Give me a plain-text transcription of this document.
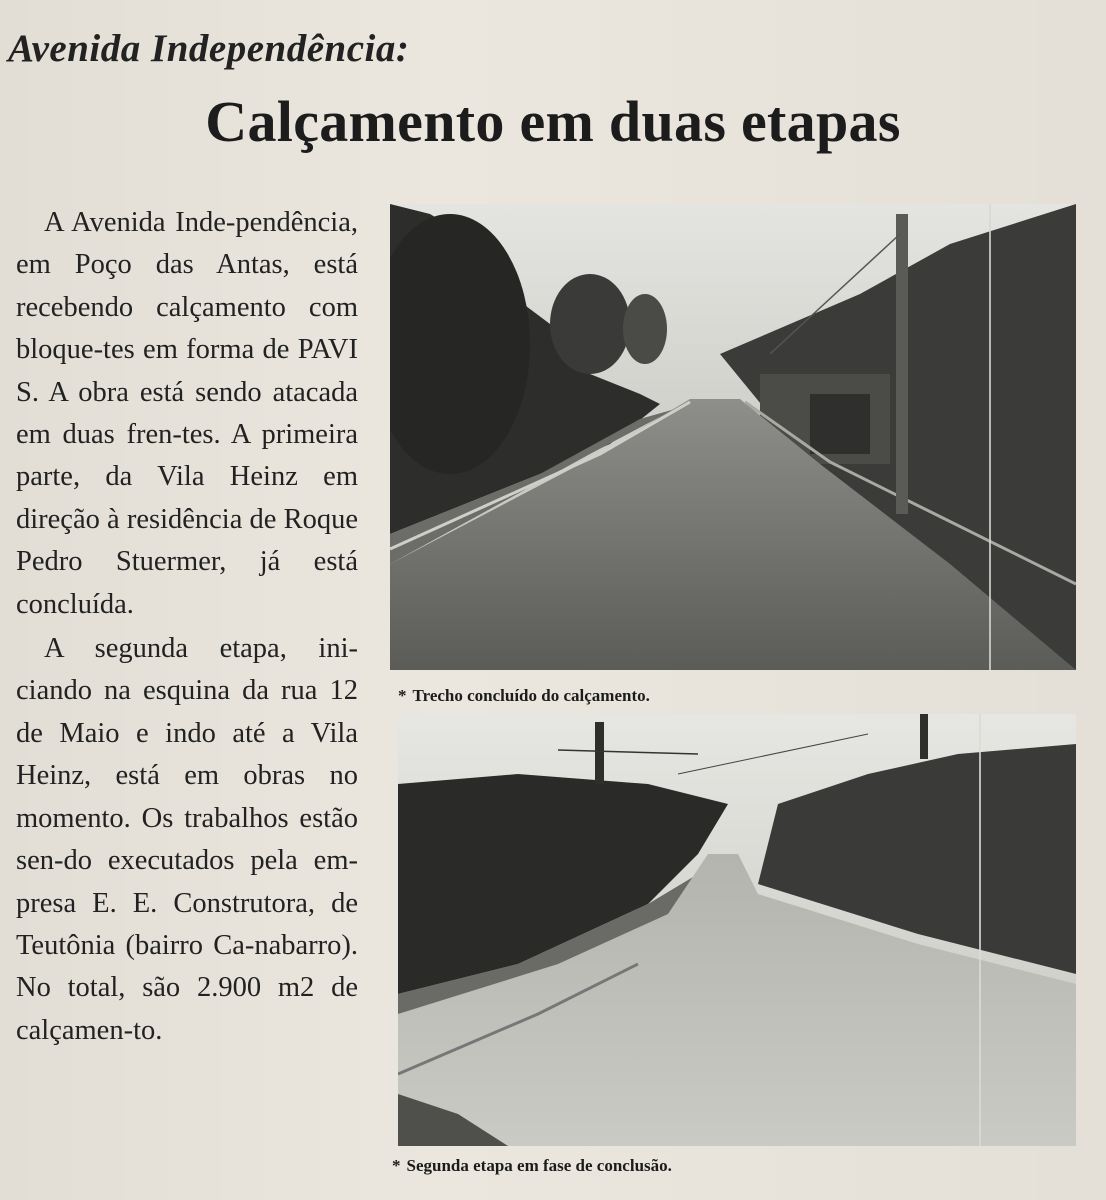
Avenida Independência:
Calçamento em duas etapas

A Avenida Inde-pendência, em Poço das Antas, está recebendo calçamento com bloque-tes em forma de PAVI S. A obra está sendo atacada em duas fren-tes. A primeira parte, da Vila Heinz em direção à residência de Roque Pedro Stuermer, já está concluída.

A segunda etapa, ini-ciando na esquina da rua 12 de Maio e indo até a Vila Heinz, está em obras no momento. Os trabalhos estão sen-do executados pela em-presa E. E. Construtora, de Teutônia (bairro Ca-nabarro). No total, são 2.900 m2 de calçamen-to.

* Trecho concluído do calçamento.
* Segunda etapa em fase de conclusão.
